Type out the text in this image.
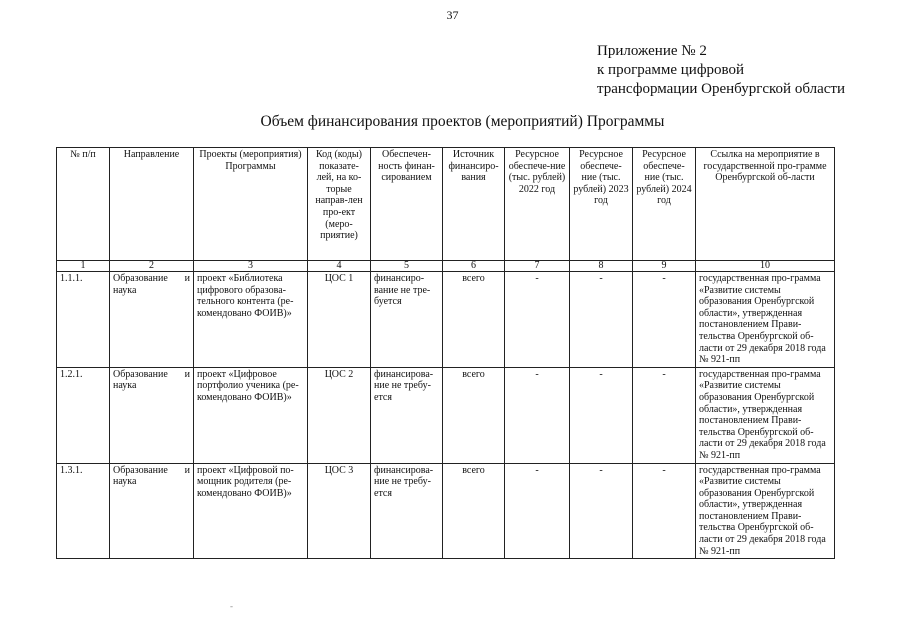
37
Приложение № 2
к программе цифровой
трансформации Оренбургской области
Объем финансирования проектов (мероприятий) Программы
№ п/п	Направление	Проекты (мероприятия) Программы	Код (коды) показате-лей, на ко-торые направ-лен про-ект (меро-приятие)	Обеспечен-ность финан-сированием	Источник финансиро-вания	Ресурсное обеспече-ние (тыс. рублей) 2022 год	Ресурсное обеспече-ние (тыс. рублей) 2023 год	Ресурсное обеспече-ние (тыс. рублей) 2024 год	Ссылка на мероприятие в государственной про-грамме Оренбургской об-ласти
1	2	3	4	5	6	7	8	9	10
1.1.1.	Образование и наука	проект «Библиотека цифрового образова-тельного контента (ре-комендовано ФОИВ)»	ЦОС 1	финансиро-вание не тре-буется	всего	-	-	-	государственная про-грамма «Развитие системы образования Оренбургской области», утвержденная постановлением Прави-тельства Оренбургской об-ласти от 29 декабря 2018 года № 921-пп
1.2.1.	Образование и наука	проект «Цифровое портфолио ученика (ре-комендовано ФОИВ)»	ЦОС 2	финансирова-ние не требу-ется	всего	-	-	-	государственная про-грамма «Развитие системы образования Оренбургской области», утвержденная постановлением Прави-тельства Оренбургской об-ласти от 29 декабря 2018 года № 921-пп
1.3.1.	Образование и наука	проект «Цифровой по-мощник родителя (ре-комендовано ФОИВ)»	ЦОС 3	финансирова-ние не требу-ется	всего	-	-	-	государственная про-грамма «Развитие системы образования Оренбургской области», утвержденная постановлением Прави-тельства Оренбургской об-ласти от 29 декабря 2018 года № 921-пп
-
